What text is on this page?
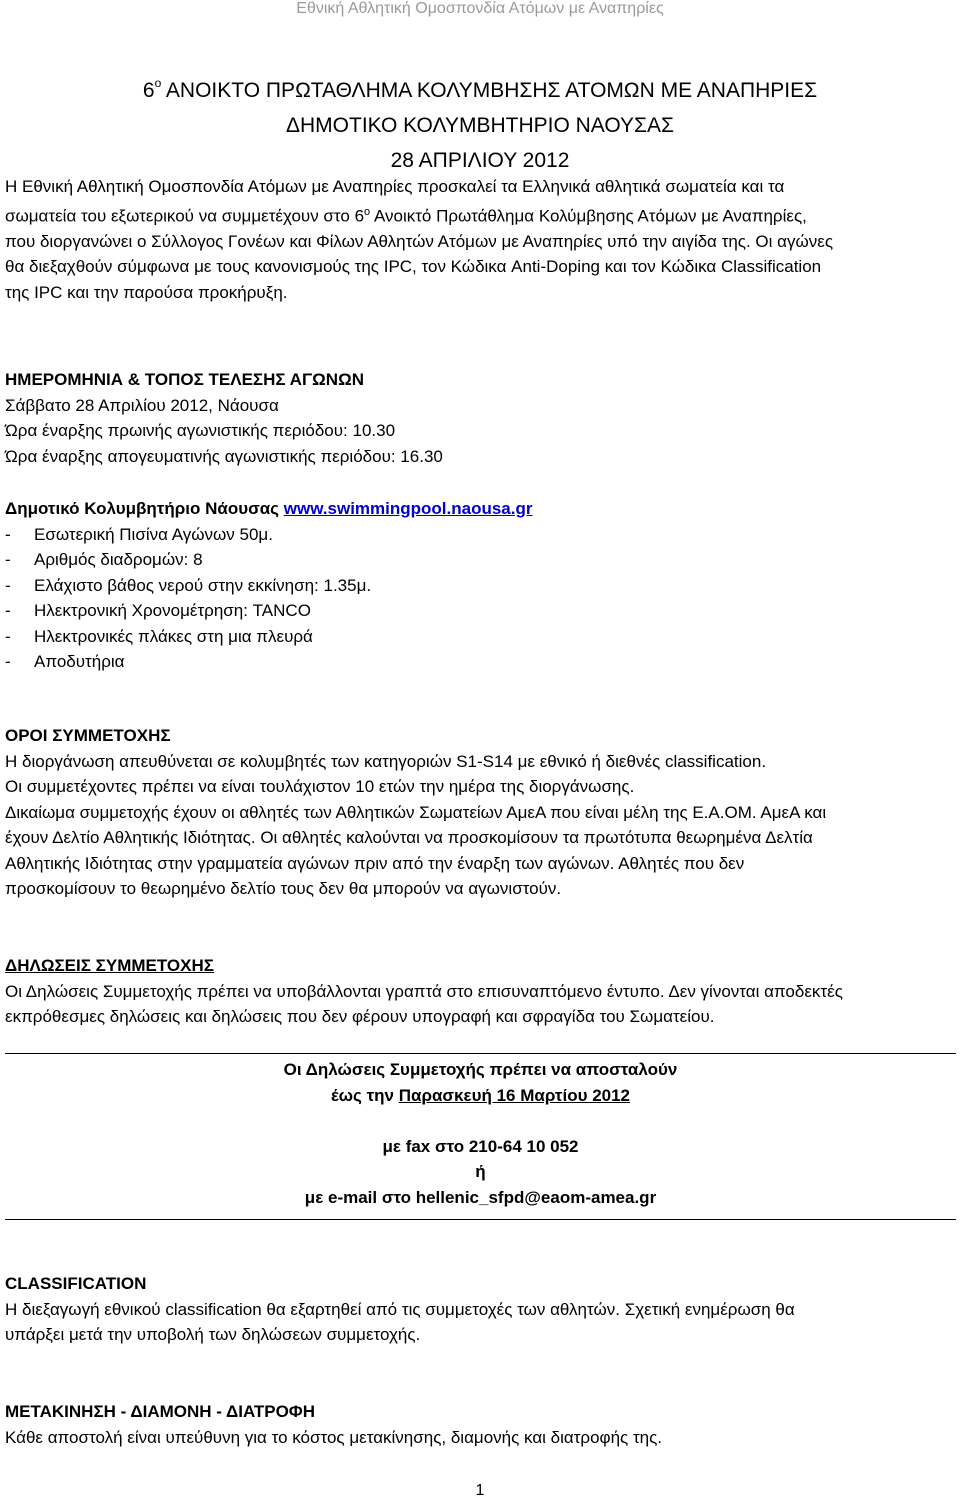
Εθνική Αθλητική Ομοσπονδία Ατόμων με Αναπηρίες
$6^o$ ΑΝΟΙΚΤΟ ΠΡΩΤΑΘΛΗΜΑ ΚΟΛΥΜΒΗΣΗΣ ΑΤΟΜΩΝ ΜΕ ΑΝΑΠΗΡΙΕΣ
ΔΗΜΟΤΙΚΟ ΚΟΛΥΜΒΗΤΗΡΙΟ ΝΑΟΥΣΑΣ
28 ΑΠΡΙΛΙΟΥ 2012
Η Εθνική Αθλητική Ομοσπονδία Ατόμων με Αναπηρίες προσκαλεί τα Ελληνικά αθλητικά σωματεία και τα
σωματεία του εξωτερικού να συμμετέχουν στο $6^o$ Ανοικτό Πρωτάθλημα Κολύμβησης Ατόμων με Αναπηρίες,
που διοργανώνει ο Σύλλογος Γονέων και Φίλων Αθλητών Ατόμων με Αναπηρίες υπό την αιγίδα της. Οι αγώνες
θα διεξαχθούν σύμφωνα με τους κανονισμούς της IPC, τον Κώδικα Anti-Doping και τον Κώδικα Classification
της IPC και την παρούσα προκήρυξη.
ΗΜΕΡΟΜΗΝΙΑ & ΤΟΠΟΣ ΤΕΛΕΣΗΣ ΑΓΩΝΩΝ
Σάββατο 28 Απριλίου 2012, Νάουσα
Ώρα έναρξης πρωινής αγωνιστικής περιόδου: 10.30
Ώρα έναρξης απογευματινής αγωνιστικής περιόδου: 16.30
Δημοτικό Κολυμβητήριο Νάουσας www.swimmingpool.naousa.gr
- Εσωτερική Πισίνα Αγώνων 50μ.
- Αριθμός διαδρομών: 8
- Ελάχιστο βάθος νερού στην εκκίνηση: 1.35μ.
- Ηλεκτρονική Χρονομέτρηση: TANCO
- Ηλεκτρονικές πλάκες στη μια πλευρά
- Αποδυτήρια
ΟΡΟΙ ΣΥΜΜΕΤΟΧΗΣ
Η διοργάνωση απευθύνεται σε κολυμβητές των κατηγοριών S1-S14 με εθνικό ή διεθνές classification.
Οι συμμετέχοντες πρέπει να είναι τουλάχιστον 10 ετών την ημέρα της διοργάνωσης.
Δικαίωμα συμμετοχής έχουν οι αθλητές των Αθλητικών Σωματείων ΑμεΑ που είναι μέλη της Ε.Α.ΟΜ. ΑμεΑ και
έχουν Δελτίο Αθλητικής Ιδιότητας. Οι αθλητές καλούνται να προσκομίσουν τα πρωτότυπα θεωρημένα Δελτία
Αθλητικής Ιδιότητας στην γραμματεία αγώνων πριν από την έναρξη των αγώνων. Αθλητές που δεν
προσκομίσουν το θεωρημένο δελτίο τους δεν θα μπορούν να αγωνιστούν.
ΔΗΛΩΣΕΙΣ ΣΥΜΜΕΤΟΧΗΣ
Οι Δηλώσεις Συμμετοχής πρέπει να υποβάλλονται γραπτά στο επισυναπτόμενο έντυπο. Δεν γίνονται αποδεκτές
εκπρόθεσμες δηλώσεις και δηλώσεις που δεν φέρουν υπογραφή και σφραγίδα του Σωματείου.
Οι Δηλώσεις Συμμετοχής πρέπει να αποσταλούν
έως την Παρασκευή 16 Μαρτίου 2012
με fax στο 210-64 10 052
ή
με e-mail στο hellenic_sfpd@eaom-amea.gr
CLASSIFICATION
Η διεξαγωγή εθνικού classification θα εξαρτηθεί από τις συμμετοχές των αθλητών. Σχετική ενημέρωση θα
υπάρξει μετά την υποβολή των δηλώσεων συμμετοχής.
ΜΕΤΑΚΙΝΗΣΗ - ΔΙΑΜΟΝΗ - ΔΙΑΤΡΟΦΗ
Κάθε αποστολή είναι υπεύθυνη για το κόστος μετακίνησης, διαμονής και διατροφής της.
1
